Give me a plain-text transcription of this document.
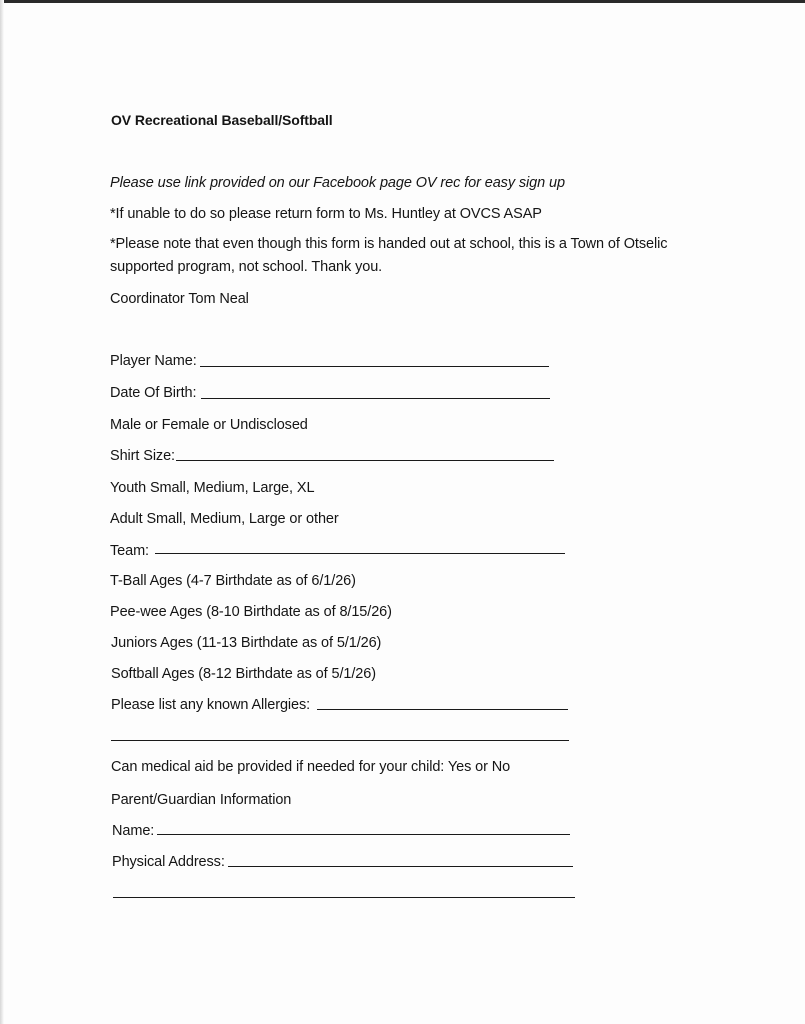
OV Recreational Baseball/Softball
Please use link provided on our Facebook page OV rec for easy sign up
*If unable to do so please return form to Ms. Huntley at OVCS ASAP
*Please note that even though this form is handed out at school, this is a Town of Otselic
supported program, not school. Thank you.
Coordinator Tom Neal
Player Name:
Date Of Birth:
Male or Female or Undisclosed
Shirt Size:
Youth Small, Medium, Large, XL
Adult Small, Medium, Large or other
Team:
T-Ball Ages (4-7 Birthdate as of 6/1/26)
Pee-wee Ages (8-10 Birthdate as of 8/15/26)
Juniors Ages (11-13 Birthdate as of 5/1/26)
Softball Ages (8-12 Birthdate as of 5/1/26)
Please list any known Allergies:
Can medical aid be provided if needed for your child: Yes or No
Parent/Guardian Information
Name:
Physical Address:
